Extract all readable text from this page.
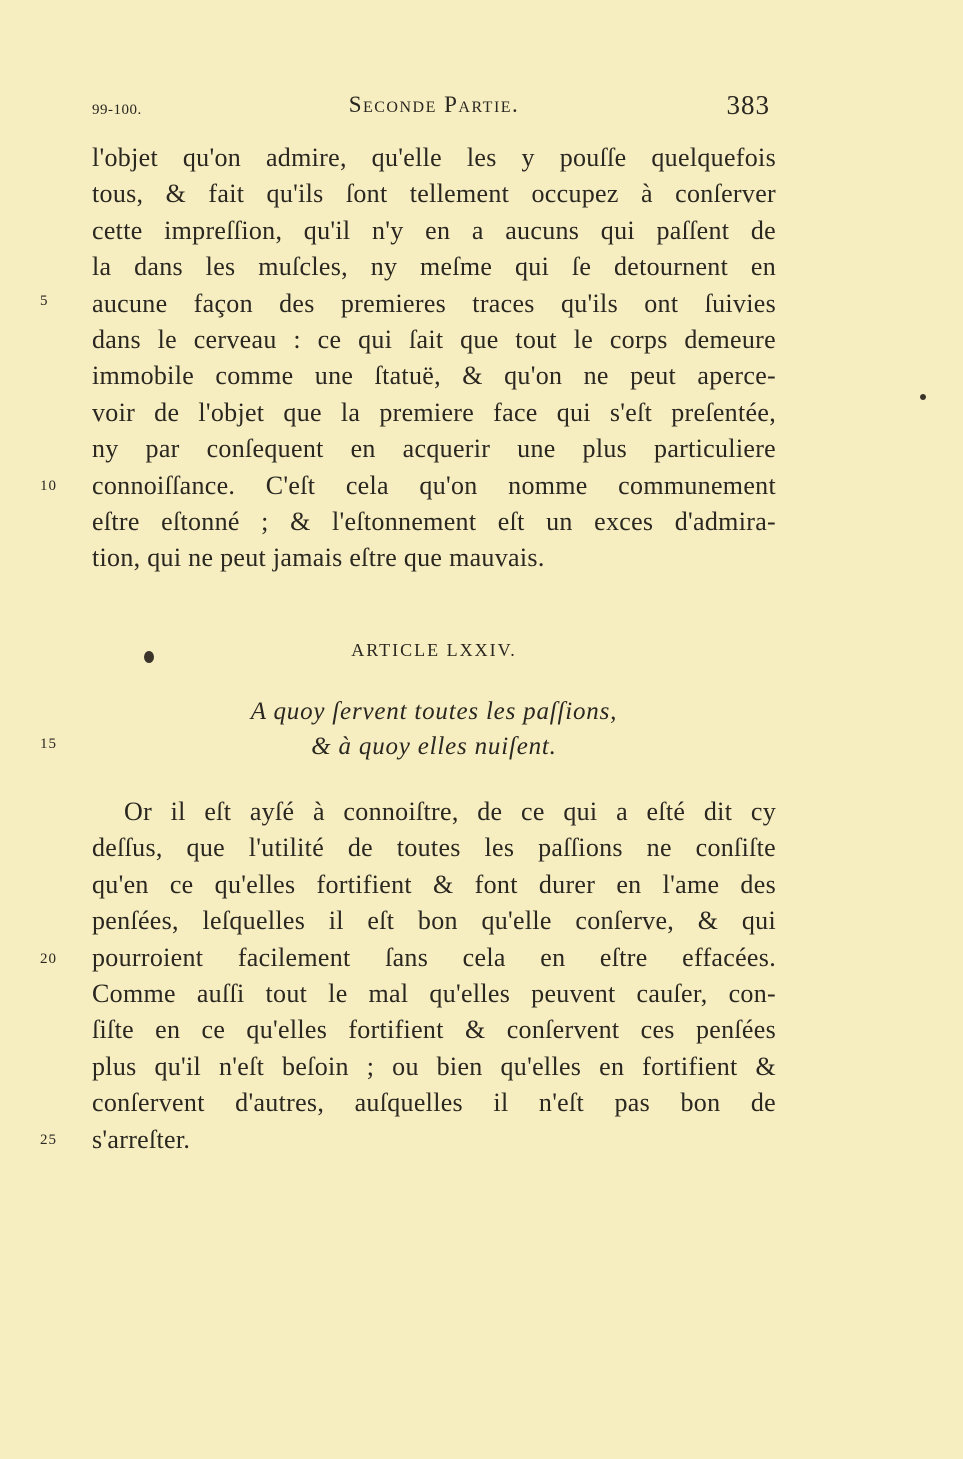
99-100.	Seconde Partie.	383
l'objet qu'on admire, qu'elle les y pouſſe quelquefois
tous, & fait qu'ils ſont tellement occupez à conſerver
cette impreſſion, qu'il n'y en a aucuns qui paſſent de
la dans les muſcles, ny meſme qui ſe detournent en
aucune façon des premieres traces qu'ils ont ſuivies
dans le cerveau : ce qui ſait que tout le corps demeure
immobile comme une ſtatuë, & qu'on ne peut aperce-
voir de l'objet que la premiere face qui s'eſt preſentée,
ny par conſequent en acquerir une plus particuliere
connoiſſance. C'eſt cela qu'on nomme communement
eſtre eſtonné ; & l'eſtonnement eſt un exces d'admira-
tion, qui ne peut jamais eſtre que mauvais.
5
10
ARTICLE LXXIV.
A quoy ſervent toutes les paſſions,
& à quoy elles nuiſent.
15
Or il eſt ayſé à connoiſtre, de ce qui a eſté dit cy
deſſus, que l'utilité de toutes les paſſions ne conſiſte
qu'en ce qu'elles fortifient & font durer en l'ame des
penſées, leſquelles il eſt bon qu'elle conſerve, & qui
pourroient facilement ſans cela en eſtre effacées.
Comme auſſi tout le mal qu'elles peuvent cauſer, con-
ſiſte en ce qu'elles fortifient & conſervent ces penſées
plus qu'il n'eſt beſoin ; ou bien qu'elles en fortifient &
conſervent d'autres, auſquelles il n'eſt pas bon de
s'arreſter.
20
25
